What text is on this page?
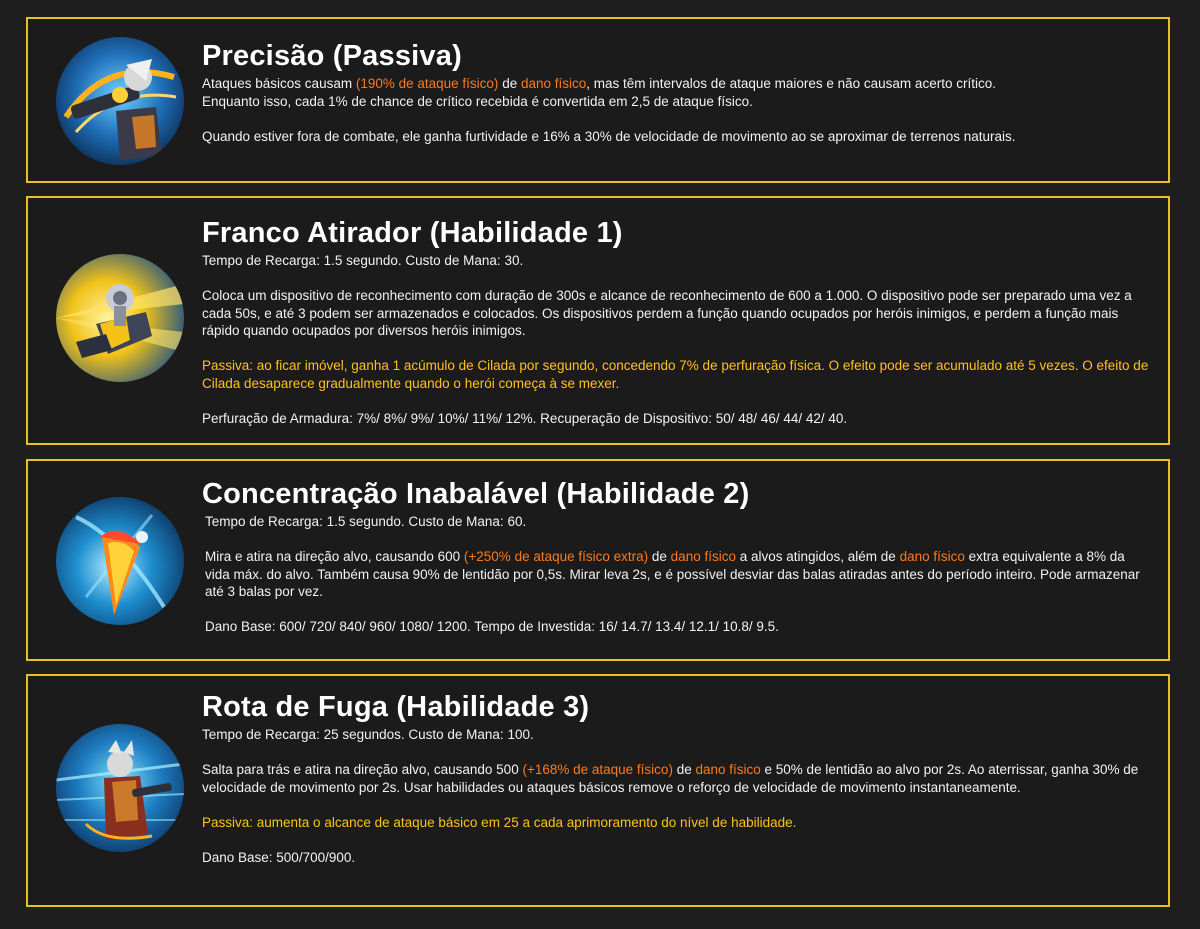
Precisão (Passiva)

Ataques básicos causam (190% de ataque físico) de dano físico, mas têm intervalos de ataque maiores e não causam acerto crítico.
Enquanto isso, cada 1% de chance de crítico recebida é convertida em 2,5 de ataque físico.

Quando estiver fora de combate, ele ganha furtividade e 16% a 30% de velocidade de movimento ao se aproximar de terrenos naturais.

Franco Atirador (Habilidade 1)

Tempo de Recarga: 1.5 segundo. Custo de Mana: 30.

Coloca um dispositivo de reconhecimento com duração de 300s e alcance de reconhecimento de 600 a 1.000. O dispositivo pode ser preparado uma vez a cada 50s, e até 3 podem ser armazenados e colocados. Os dispositivos perdem a função quando ocupados por heróis inimigos, e perdem a função mais rápido quando ocupados por diversos heróis inimigos.

Passiva: ao ficar imóvel, ganha 1 acúmulo de Cilada por segundo, concedendo 7% de perfuração física. O efeito pode ser acumulado até 5 vezes. O efeito de Cilada desaparece gradualmente quando o herói começa à se mexer.

Perfuração de Armadura: 7%/ 8%/ 9%/ 10%/ 11%/ 12%. Recuperação de Dispositivo: 50/ 48/ 46/ 44/ 42/ 40.

Concentração Inabalável (Habilidade 2)

Tempo de Recarga: 1.5 segundo. Custo de Mana: 60.

Mira e atira na direção alvo, causando 600 (+250% de ataque físico extra) de dano físico a alvos atingidos, além de dano físico extra equivalente a 8% da vida máx. do alvo. Também causa 90% de lentidão por 0,5s. Mirar leva 2s, e é possível desviar das balas atiradas antes do período inteiro. Pode armazenar até 3 balas por vez.

Dano Base: 600/ 720/ 840/ 960/ 1080/ 1200. Tempo de Investida: 16/ 14.7/ 13.4/ 12.1/ 10.8/ 9.5.

Rota de Fuga (Habilidade 3)

Tempo de Recarga: 25 segundos. Custo de Mana: 100.

Salta para trás e atira na direção alvo, causando 500 (+168% de ataque físico) de dano físico e 50% de lentidão ao alvo por 2s. Ao aterrissar, ganha 30% de velocidade de movimento por 2s. Usar habilidades ou ataques básicos remove o reforço de velocidade de movimento instantaneamente.

Passiva: aumenta o alcance de ataque básico em 25 a cada aprimoramento do nível de habilidade.

Dano Base: 500/700/900.
